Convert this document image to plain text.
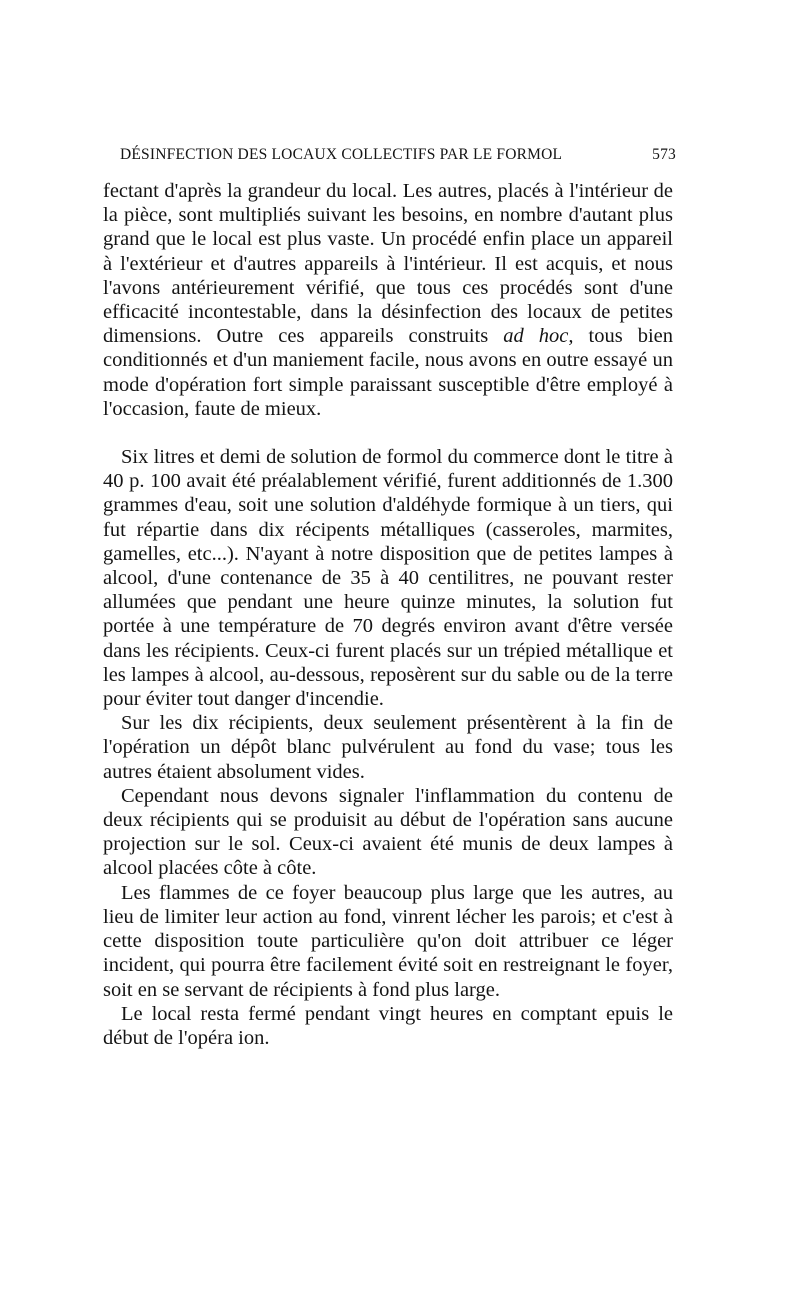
DÉSINFECTION DES LOCAUX COLLECTIFS PAR LE FORMOL	573

fectant d'après la grandeur du local. Les autres, placés à l'intérieur de la pièce, sont multipliés suivant les besoins, en nombre d'autant plus grand que le local est plus vaste. Un procédé enfin place un appareil à l'extérieur et d'autres appareils à l'intérieur. Il est acquis, et nous l'avons antérieurement vérifié, que tous ces procédés sont d'une efficacité incontestable, dans la désinfection des locaux de petites dimensions. Outre ces appareils construits ad hoc, tous bien conditionnés et d'un maniement facile, nous avons en outre essayé un mode d'opération fort simple paraissant susceptible d'être employé à l'occasion, faute de mieux.

Six litres et demi de solution de formol du commerce dont le titre à 40 p. 100 avait été préalablement vérifié, furent additionnés de 1.300 grammes d'eau, soit une solution d'aldéhyde formique à un tiers, qui fut répartie dans dix récipents métalliques (casseroles, marmites, gamelles, etc...). N'ayant à notre disposition que de petites lampes à alcool, d'une contenance de 35 à 40 centilitres, ne pouvant rester allumées que pendant une heure quinze minutes, la solution fut portée à une température de 70 degrés environ avant d'être versée dans les récipients. Ceux-ci furent placés sur un trépied métallique et les lampes à alcool, au-dessous, reposèrent sur du sable ou de la terre pour éviter tout danger d'incendie.

Sur les dix récipients, deux seulement présentèrent à la fin de l'opération un dépôt blanc pulvérulent au fond du vase; tous les autres étaient absolument vides.

Cependant nous devons signaler l'inflammation du contenu de deux récipients qui se produisit au début de l'opération sans aucune projection sur le sol. Ceux-ci avaient été munis de deux lampes à alcool placées côte à côte.

Les flammes de ce foyer beaucoup plus large que les autres, au lieu de limiter leur action au fond, vinrent lécher les parois; et c'est à cette disposition toute particulière qu'on doit attribuer ce léger incident, qui pourra être facilement évité soit en restreignant le foyer, soit en se servant de récipients à fond plus large.

Le local resta fermé pendant vingt heures en comptant epuis le début de l'opéra ion.
